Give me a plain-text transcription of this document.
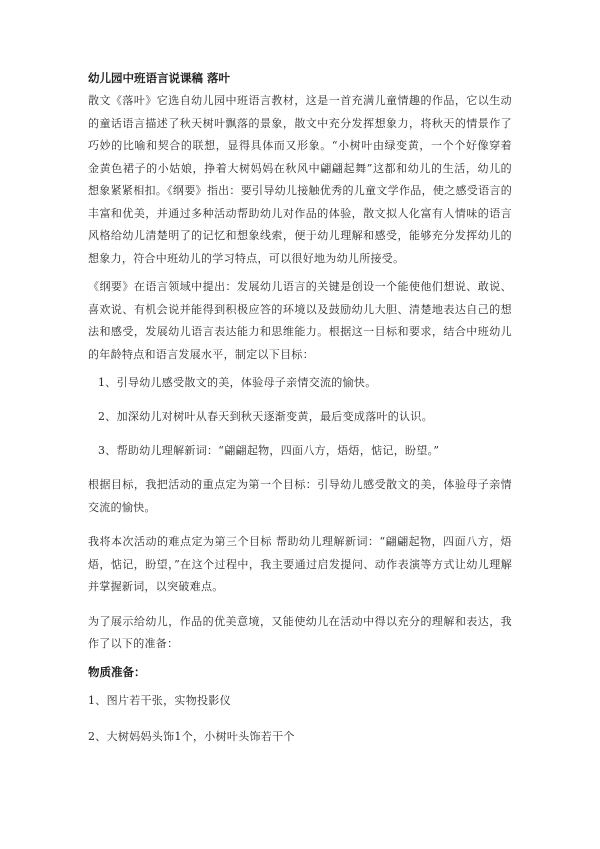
幼儿园中班语言说课稿 落叶

散文《落叶》它选自幼儿园中班语言教材，这是一首充满儿童情趣的作品，它以生动的童话语言描述了秋天树叶飘落的景象，散文中充分发挥想象力，将秋天的情景作了巧妙的比喻和契合的联想，显得具体而又形象。“小树叶由绿变黄，一个个好像穿着金黄色裙子的小姑娘，挣着大树妈妈在秋风中翩翩起舞”这都和幼儿的生活，幼儿的想象紧紧相扣。《纲要》指出：要引导幼儿接触优秀的儿童文学作品，使之感受语言的丰富和优美，并通过多种活动帮助幼儿对作品的体验，散文拟人化富有人情味的语言风格给幼儿清楚明了的记忆和想象线索，便于幼儿理解和感受，能够充分发挥幼儿的想象力，符合中班幼儿的学习特点，可以很好地为幼儿所接受。

《纲要》在语言领域中提出：发展幼儿语言的关键是创设一个能使他们想说、敢说、喜欢说、有机会说并能得到积极应答的环境以及鼓励幼儿大胆、清楚地表达自己的想法和感受，发展幼儿语言表达能力和思维能力。根据这一目标和要求，结合中班幼儿的年龄特点和语言发展水平，制定以下目标：

1、引导幼儿感受散文的美，体验母子亲情交流的愉快。
2、加深幼儿对树叶从春天到秋天逐渐变黄，最后变成落叶的认识。
3、帮助幼儿理解新词：“翩翩起物，四面八方，焐焐，惦记，盼望。”

根据目标，我把活动的重点定为第一个目标：引导幼儿感受散文的美，体验母子亲情交流的愉快。

我将本次活动的难点定为第三个目标 帮助幼儿理解新词：“翩翩起物，四面八方，焐焐，惦记，盼望，”在这个过程中，我主要通过启发提问、动作表演等方式让幼儿理解并掌握新词，以突破难点。

为了展示给幼儿，作品的优美意境，又能使幼儿在活动中得以充分的理解和表达，我作了以下的准备：

物质准备：
1、图片若干张，实物投影仪
2、大树妈妈头饰1个，小树叶头饰若干个
